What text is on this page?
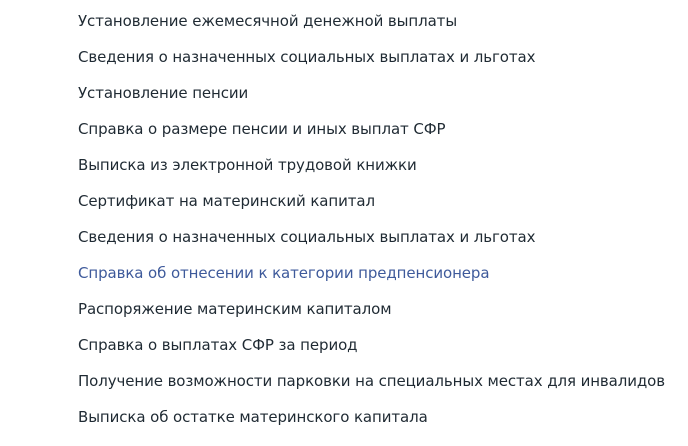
Установление ежемесячной денежной выплаты
Сведения о назначенных социальных выплатах и льготах
Установление пенсии
Справка о размере пенсии и иных выплат СФР
Выписка из электронной трудовой книжки
Сертификат на материнский капитал
Сведения о назначенных социальных выплатах и льготах
Справка об отнесении к категории предпенсионера
Распоряжение материнским капиталом
Справка о выплатах СФР за период
Получение возможности парковки на специальных местах для инвалидов
Выписка об остатке материнского капитала
